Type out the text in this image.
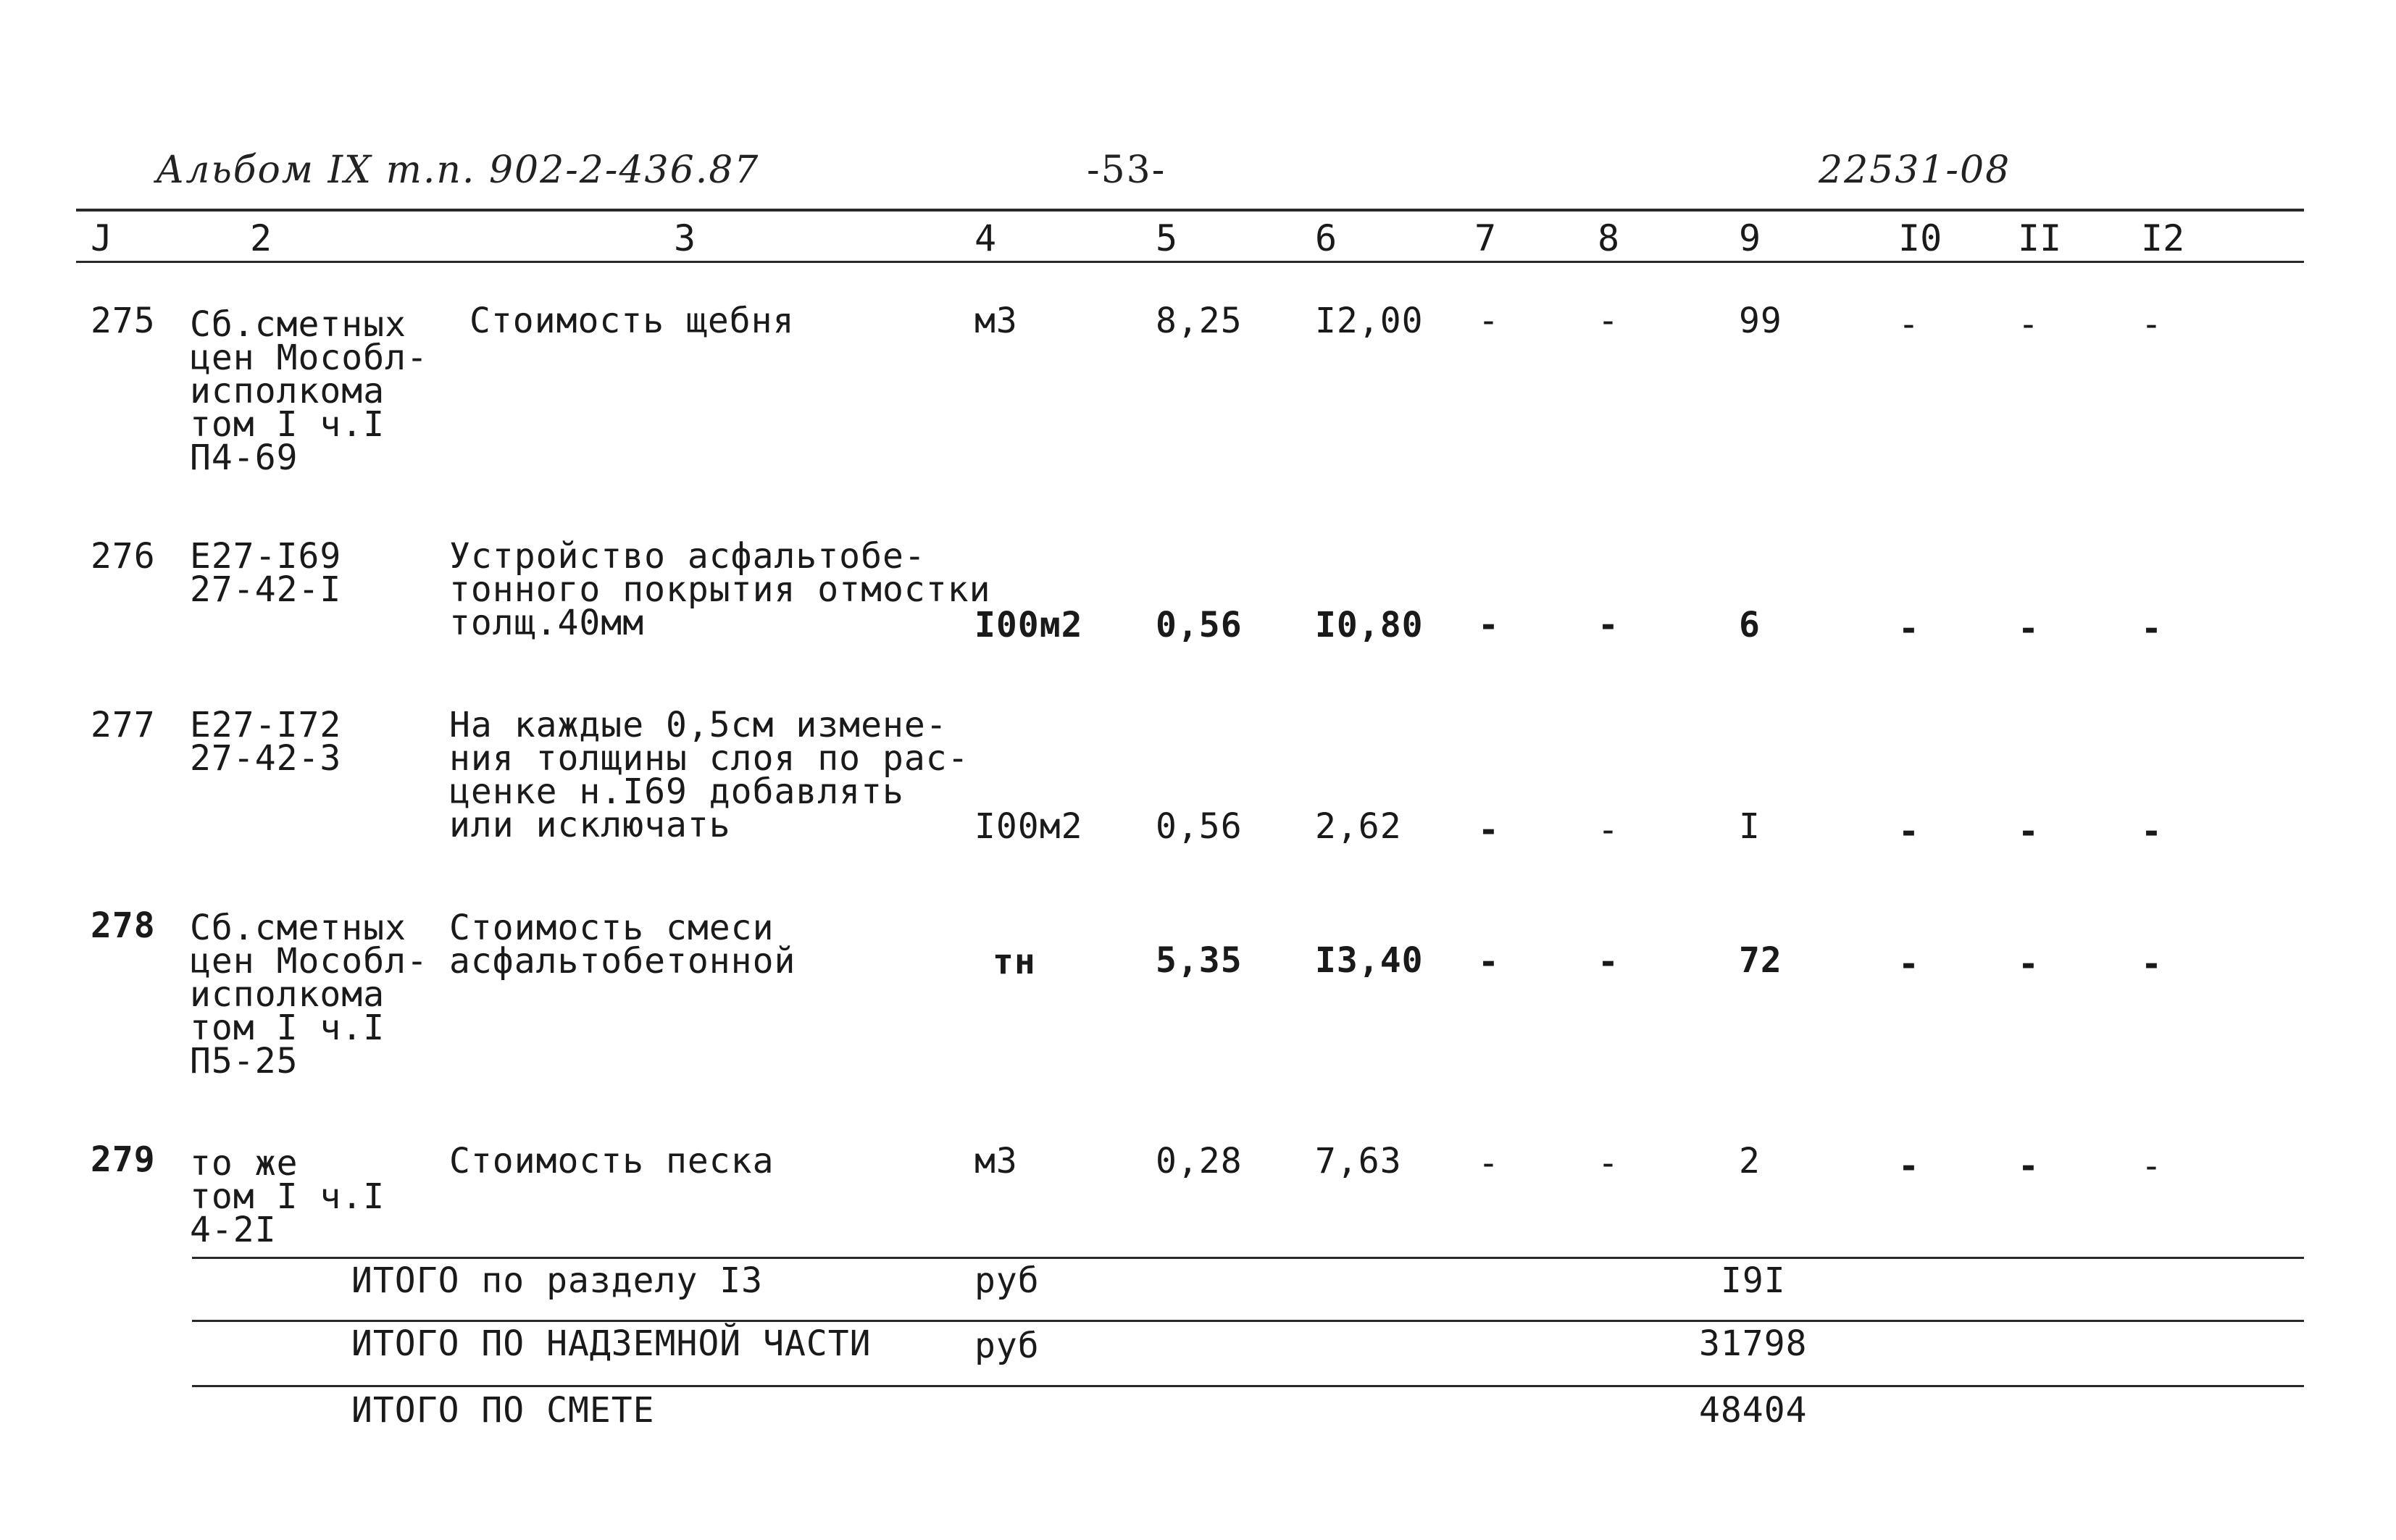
Альбом IX т.п. 902-2-436.87	-53-	22531-08
J	2	3	4	5	6	7	8	9	I0 II I2
275 Сб.сметных
цен Мособл-
исполкома
том I ч.I
П4-69
Стоимость щебня	м3	8,25 I2,00 -	-	99	-	-	-
276 Е27-I69
27-42-I
Устройство асфальтобе-
тонного покрытия отмостки
толщ.40мм	I00м2 0,56 I0,80 -	-	6	-	-	-
277 Е27-I72
27-42-3
На каждые 0,5см измене-
ния толщины слоя по рас-
ценке н.I69 добавлять
или исключать	I00м2 0,56 2,62 -	-	I	-	-	-
278 Сб.сметных
цен Мособл-
исполкома
том I ч.I
П5-25
Стоимость смеси
асфальтобетонной	тн	5,35 I3,40 -	-	72	-	-	-
279 то же
том I ч.I
4-2I
Стоимость песка	м3	0,28 7,63 -	-	2	-	-	-
ИТОГО по разделу I3	руб	I9I
ИТОГО ПО НАДЗЕМНОЙ ЧАСТИ	руб	31798
ИТОГО ПО СМЕТЕ	48404
